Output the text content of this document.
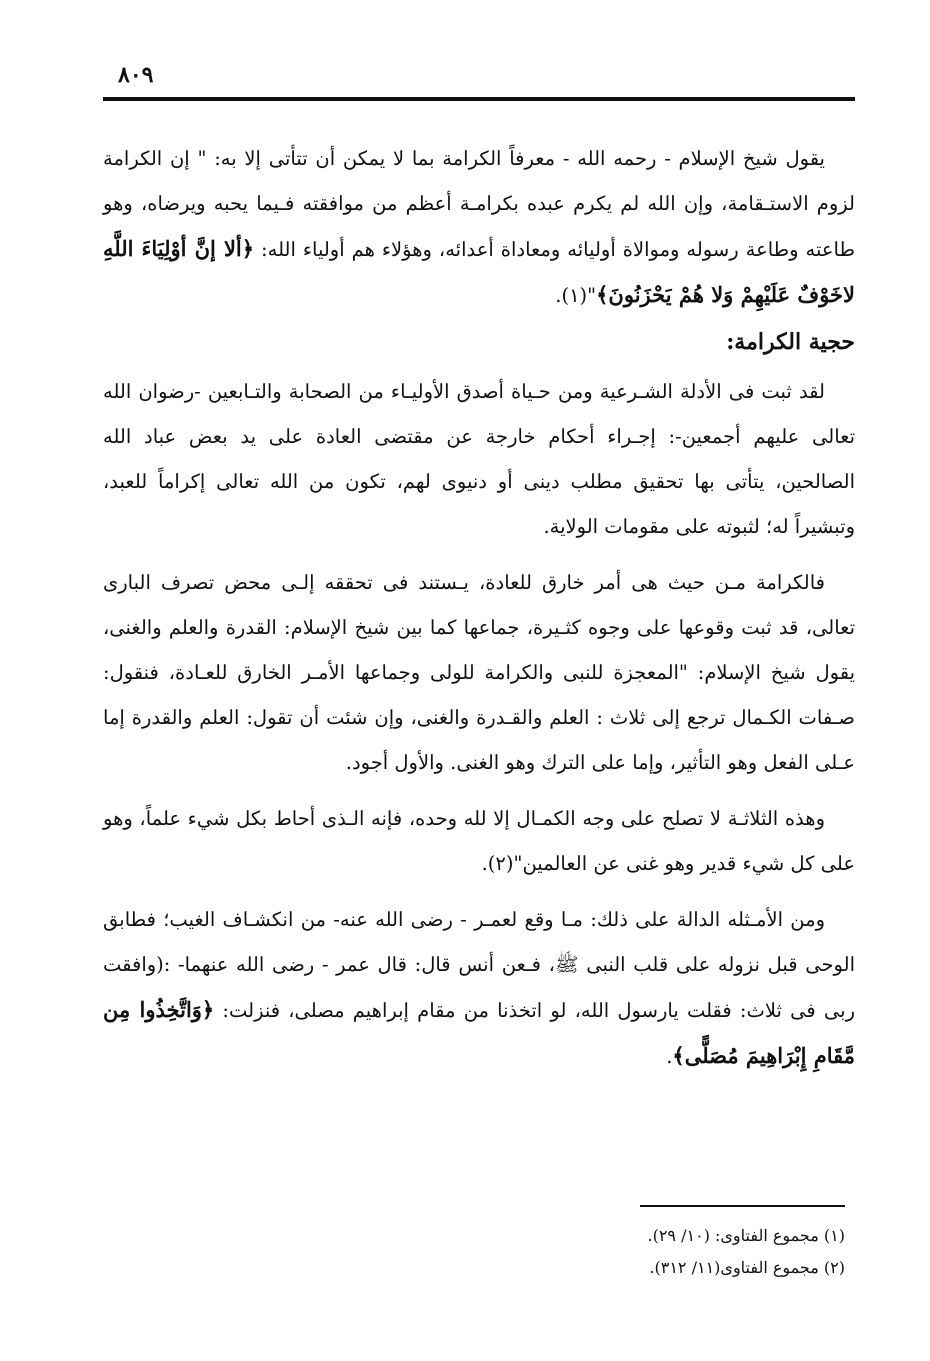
٨٠٩

يقول شيخ الإسلام - رحمه الله - معرفاً الكرامة بما لا يمكن أن تتأتى إلا به: " إن الكرامة لزوم الاستـقامة، وإن الله لم يكرم عبده بكرامـة أعظم من موافقته فـيما يحبه ويرضاه، وهو طاعته وطاعة رسوله وموالاة أوليائه ومعاداة أعدائه، وهؤلاء هم أولياء الله: ﴿ألا إنَّ أوْلِيَاءَ اللَّهِ لاخَوْفٌ عَلَيْهِمْ وَلا هُمْ يَحْزَنُونَ﴾"(١).

حجية الكرامة:

لقد ثبت فى الأدلة الشـرعية ومن حـياة أصدق الأوليـاء من الصحابة والتـابعين -رضوان الله تعالى عليهم أجمعين-: إجـراء أحكام خارجة عن مقتضى العادة على يد بعض عباد الله الصالحين، يتأتى بها تحقيق مطلب دينى أو دنيوى لهم، تكون من الله تعالى إكراماً للعبد، وتبشيراً له؛ لثبوته على مقومات الولاية.

فالكرامة مـن حيث هى أمر خارق للعادة، يـستند فى تحققه إلـى محض تصرف البارى تعالى، قد ثبت وقوعها على وجوه كثـيرة، جماعها كما بين شيخ الإسلام: القدرة والعلم والغنى، يقول شيخ الإسلام: "المعجزة للنبى والكرامة للولى وجماعها الأمـر الخارق للعـادة، فنقول: صـفات الكـمال ترجع إلى ثلاث : العلم والقـدرة والغنى، وإن شئت أن تقول: العلم والقدرة إما عـلى الفعل وهو التأثير، وإما على الترك وهو الغنى. والأول أجود.

وهذه الثلاثـة لا تصلح على وجه الكمـال إلا لله وحده، فإنه الـذى أحاط بكل شيء علماً، وهو على كل شيء قدير وهو غنى عن العالمين"(٢).

ومن الأمـثله الدالة على ذلك: مـا وقع لعمـر - رضى الله عنه- من انكشـاف الغيب؛ فطابق الوحى قبل نزوله على قلب النبى ﷺ، فـعن أنس قال: قال عمر - رضى الله عنهما- :(وافقت ربى فى ثلاث: فقلت يارسول الله، لو اتخذنا من مقام إبراهيم مصلى، فنزلت: ﴿وَاتَّخِذُوا مِن مَّقَامِ إِبْرَاهِيمَ مُصَلًّى﴾.

(١) مجموع الفتاوى: (١٠/ ٢٩).

(٢) مجموع الفتاوى(١١/ ٣١٢).
